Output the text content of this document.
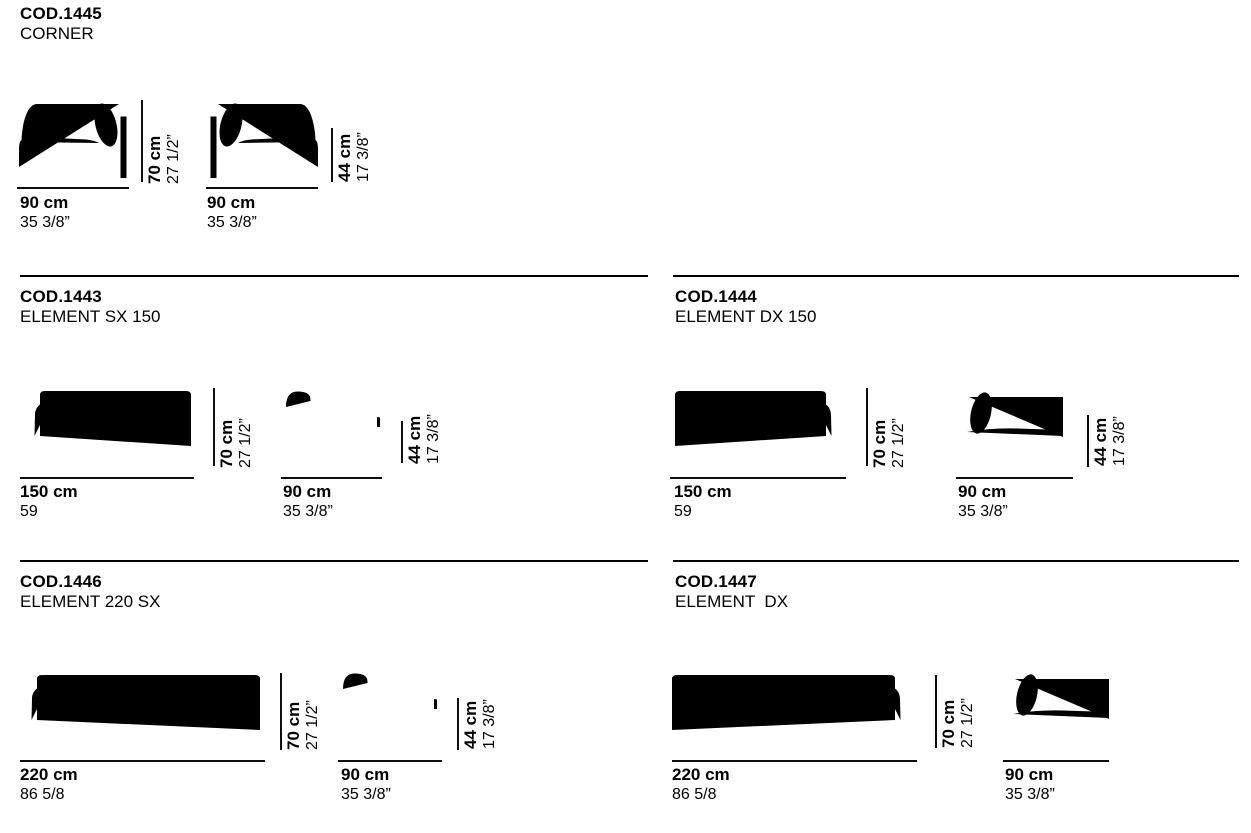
COD.1445
CORNER
70 cm 27 1/2”
90 cm
35 3/8”
44 cm 17 3/8”
90 cm
35 3/8”
COD.1443
ELEMENT SX 150
70 cm 27 1/2”
150 cm
59
44 cm 17 3/8”
90 cm
35 3/8”
COD.1444
ELEMENT DX 150
70 cm 27 1/2”
150 cm
59
44 cm 17 3/8”
90 cm
35 3/8”
COD.1446
ELEMENT 220 SX
70 cm 27 1/2”
220 cm
86 5/8
44 cm 17 3/8”
90 cm
35 3/8”
COD.1447
ELEMENT  DX
70 cm 27 1/2”
220 cm
86 5/8
90 cm
35 3/8”
